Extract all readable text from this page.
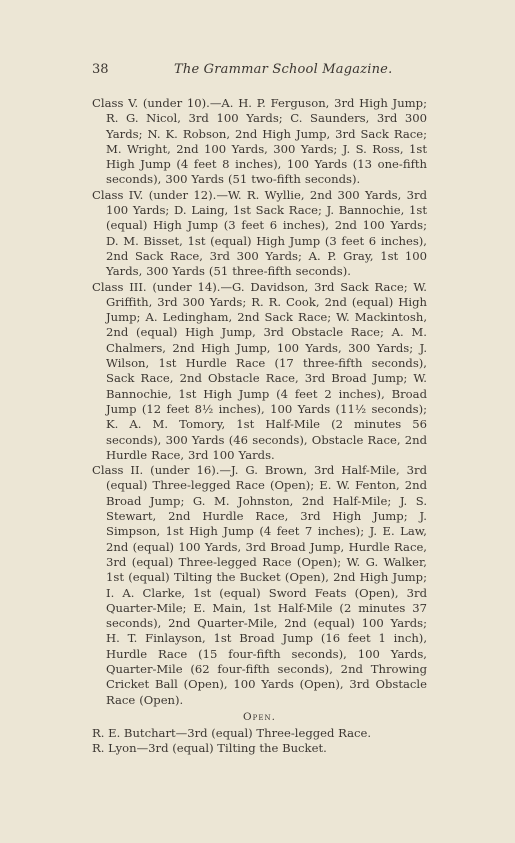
38	The Grammar School Magazine.

Class V. (under 10).—A. H. P. Ferguson, 3rd High Jump; R. G. Nicol, 3rd 100 Yards; C. Saunders, 3rd 300 Yards; N. K. Robson, 2nd High Jump, 3rd Sack Race; M. Wright, 2nd 100 Yards, 300 Yards; J. S. Ross, 1st High Jump (4 feet 8 inches), 100 Yards (13 one-fifth seconds), 300 Yards (51 two-fifth seconds).

Class IV. (under 12).—W. R. Wyllie, 2nd 300 Yards, 3rd 100 Yards; D. Laing, 1st Sack Race; J. Bannochie, 1st (equal) High Jump (3 feet 6 inches), 2nd 100 Yards; D. M. Bisset, 1st (equal) High Jump (3 feet 6 inches), 2nd Sack Race, 3rd 300 Yards; A. P. Gray, 1st 100 Yards, 300 Yards (51 three-fifth seconds).

Class III. (under 14).—G. Davidson, 3rd Sack Race; W. Griffith, 3rd 300 Yards; R. R. Cook, 2nd (equal) High Jump; A. Ledingham, 2nd Sack Race; W. Mackintosh, 2nd (equal) High Jump, 3rd Obstacle Race; A. M. Chalmers, 2nd High Jump, 100 Yards, 300 Yards; J. Wilson, 1st Hurdle Race (17 three-fifth seconds), Sack Race, 2nd Obstacle Race, 3rd Broad Jump; W. Bannochie, 1st High Jump (4 feet 2 inches), Broad Jump (12 feet 8½ inches), 100 Yards (11½ seconds); K. A. M. Tomory, 1st Half-Mile (2 minutes 56 seconds), 300 Yards (46 seconds), Obstacle Race, 2nd Hurdle Race, 3rd 100 Yards.

Class II. (under 16).—J. G. Brown, 3rd Half-Mile, 3rd (equal) Three-legged Race (Open); E. W. Fenton, 2nd Broad Jump; G. M. Johnston, 2nd Half-Mile; J. S. Stewart, 2nd Hurdle Race, 3rd High Jump; J. Simpson, 1st High Jump (4 feet 7 inches); J. E. Law, 2nd (equal) 100 Yards, 3rd Broad Jump, Hurdle Race, 3rd (equal) Three-legged Race (Open); W. G. Walker, 1st (equal) Tilting the Bucket (Open), 2nd High Jump; I. A. Clarke, 1st (equal) Sword Feats (Open), 3rd Quarter-Mile; E. Main, 1st Half-Mile (2 minutes 37 seconds), 2nd Quarter-Mile, 2nd (equal) 100 Yards; H. T. Finlayson, 1st Broad Jump (16 feet 1 inch), Hurdle Race (15 four-fifth seconds), 100 Yards, Quarter-Mile (62 four-fifth seconds), 2nd Throwing Cricket Ball (Open), 100 Yards (Open), 3rd Obstacle Race (Open).

Open.

R. E. Butchart—3rd (equal) Three-legged Race.

R. Lyon—3rd (equal) Tilting the Bucket.
